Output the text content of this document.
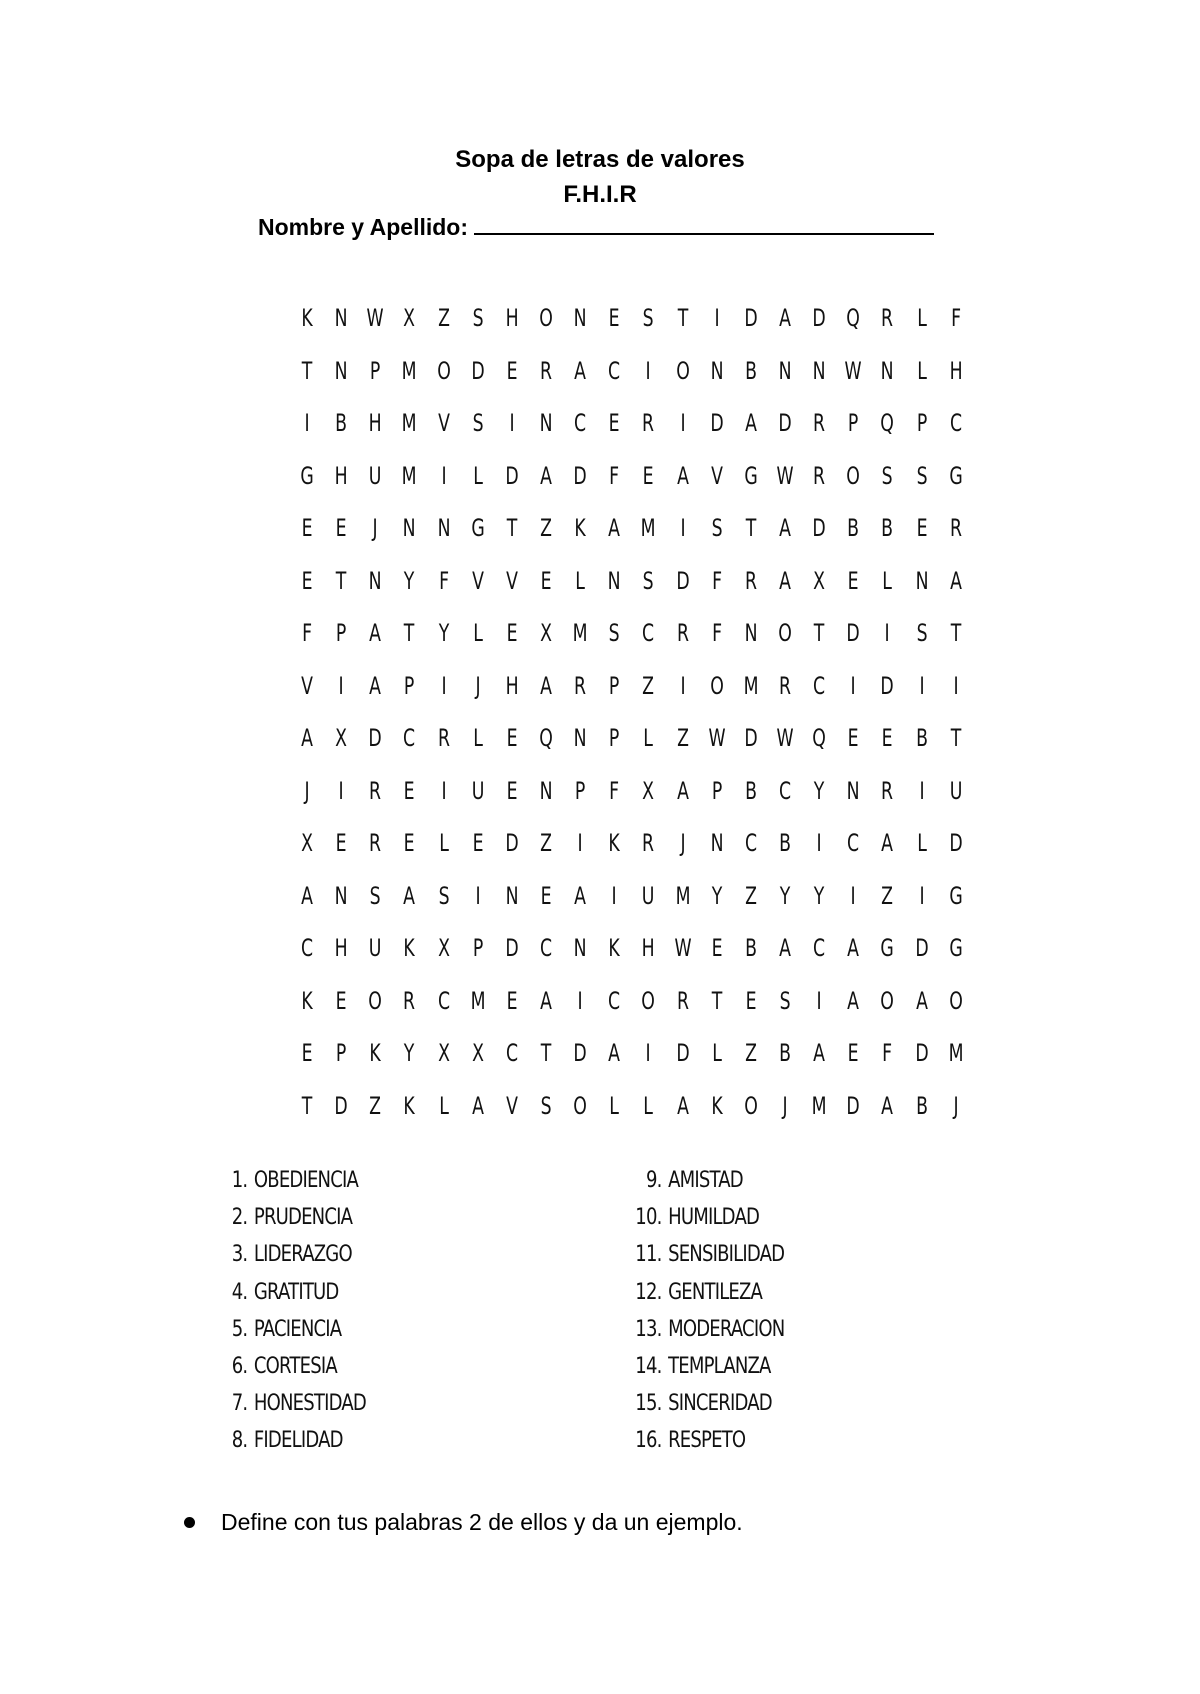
Sopa de letras de valores
F.H.I.R
Nombre y Apellido:
K N W X Z S H O N E S T	I	D A D Q R L	F
T N P M O D E R A C	I	O N B N N W N L H
I	B H M V S	I	N C E R	I	D A D R P Q P C
G H U M	I	L D A D F E A V G W R O S S G
E E	J	N N G T Z K A M	I	S T A D B B E R
E T N Y F V V E L N S D F R A X E L N A
F P A T Y	L E X M S C R F N O T D	I	S T
V	I	A P	I	J	H A R P Z	I	O M R C	I	D	I	I
A X D C R L E Q N P	L Z W D W Q E E B T
J	I	R E	I	U E N P F X A P B C Y N R	I	U
X E R E L E D Z	I	K R	J	N C B	I	C A L D
A N S A S	I	N E A	I	U M Y Z Y Y	I	Z	I	G
C H U K X P D C N K H W E B A C A G D G
K E O R C M E A	I	C O R T E S	I	A O A O
E P K Y X X C T D A	I	D L Z B A E F D M
T D Z K L A V S O L	L A K O	J	M D A B	J
1. OBEDIENCIA
2. PRUDENCIA
3. LIDERAZGO
4. GRATITUD
5. PACIENCIA
6. CORTESIA
7. HONESTIDAD
8. FIDELIDAD
9. AMISTAD
10. HUMILDAD
11. SENSIBILIDAD
12. GENTILEZA
13. MODERACION
14. TEMPLANZA
15. SINCERIDAD
16. RESPETO
Define con tus palabras 2 de ellos y da un ejemplo.
